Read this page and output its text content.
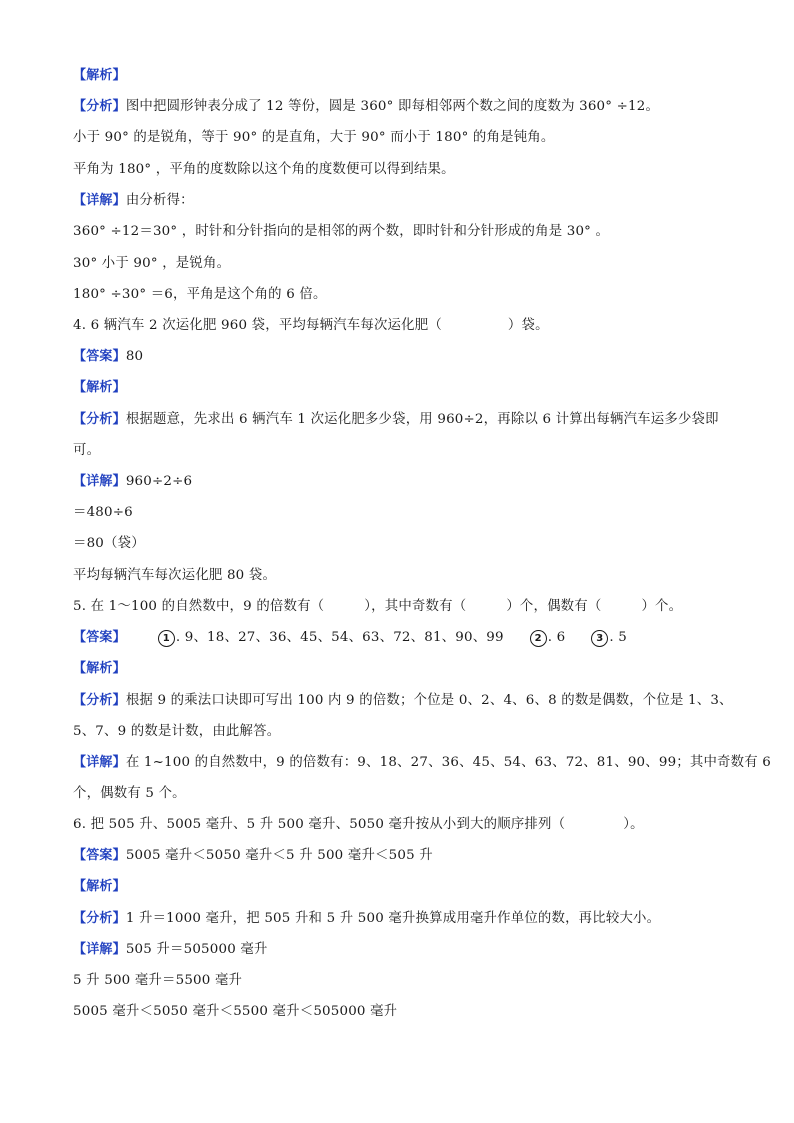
【解析】
【分析】图中把圆形钟表分成了 12 等份，圆是 360° 即每相邻两个数之间的度数为 360° ÷12。
小于 90° 的是锐角，等于 90° 的是直角，大于 90° 而小于 180° 的角是钝角。
平角为 180° ，平角的度数除以这个角的度数便可以得到结果。
【详解】由分析得：
360° ÷12＝30° ，时针和分针指向的是相邻的两个数，即时针和分针形成的角是 30° 。
30° 小于 90° ，是锐角。
180° ÷30° ＝6，平角是这个角的 6 倍。
4. 6 辆汽车 2 次运化肥 960 袋，平均每辆汽车每次运化肥（	）袋。
【答案】80
【解析】
【分析】根据题意，先求出 6 辆汽车 1 次运化肥多少袋，用 960÷2，再除以 6 计算出每辆汽车运多少袋即
可。
【详解】960÷2÷6
＝480÷6
＝80（袋）
平均每辆汽车每次运化肥 80 袋。
5. 在 1～100 的自然数中，9 的倍数有（	），其中奇数有（	）个，偶数有（	）个。
【答案】	1 . 9、18、27、36、45、54、63、72、81、90、99	2 . 6	3 . 5
【解析】
【分析】根据 9 的乘法口诀即可写出 100 内 9 的倍数；个位是 0、2、4、6、8 的数是偶数，个位是 1、3、
5、7、9 的数是计数，由此解答。
【详解】在 1~100 的自然数中，9 的倍数有：9、18、27、36、45、54、63、72、81、90、99；其中奇数有 6
个，偶数有 5 个。
6. 把 505 升、5005 毫升、5 升 500 毫升、5050 毫升按从小到大的顺序排列（	）。
【答案】5005 毫升＜5050 毫升＜5 升 500 毫升＜505 升
【解析】
【分析】1 升＝1000 毫升，把 505 升和 5 升 500 毫升换算成用毫升作单位的数，再比较大小。
【详解】505 升＝505000 毫升
5 升 500 毫升＝5500 毫升
5005 毫升＜5050 毫升＜5500 毫升＜505000 毫升
